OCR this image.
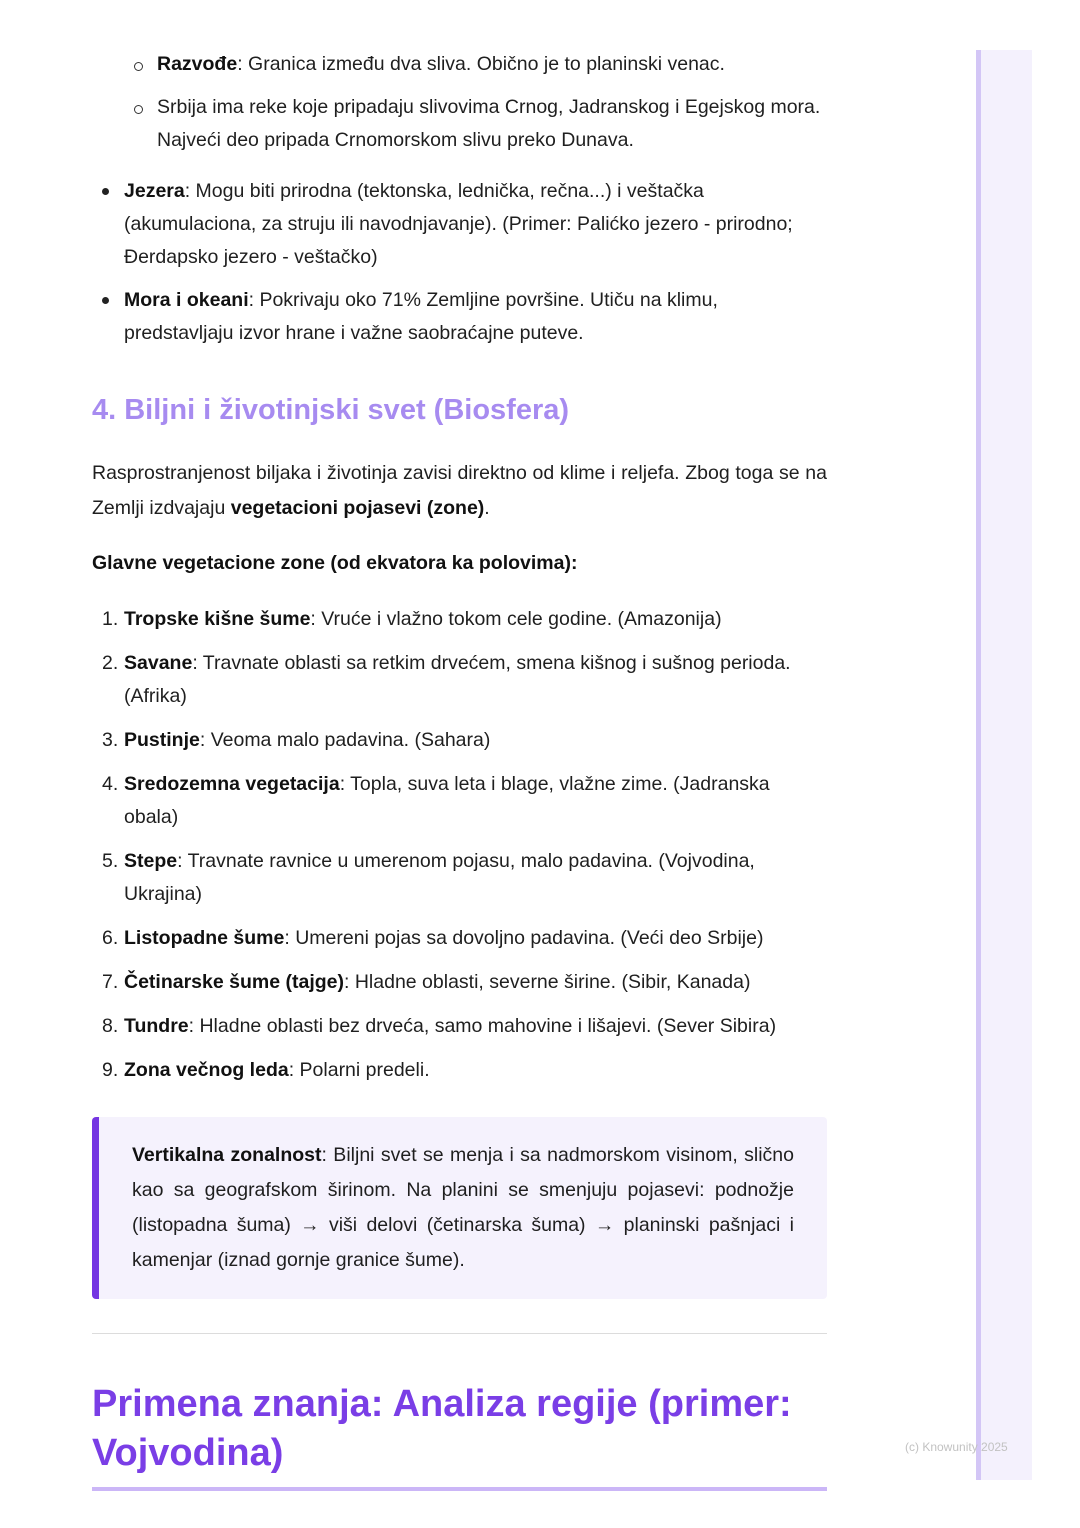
(c) Knowunity 2025
Razvođe: Granica između dva sliva. Obično je to planinski venac.
Srbija ima reke koje pripadaju slivovima Crnog, Jadranskog i Egejskog mora. Najveći deo pripada Crnomorskom slivu preko Dunava.
Jezera: Mogu biti prirodna (tektonska, lednička, rečna...) i veštačka (akumulaciona, za struju ili navodnjavanje). (Primer: Palićko jezero - prirodno; Đerdapsko jezero - veštačko)
Mora i okeani: Pokrivaju oko 71% Zemljine površine. Utiču na klimu, predstavljaju izvor hrane i važne saobraćajne puteve.
4. Biljni i životinjski svet (Biosfera)

Rasprostranjenost biljaka i životinja zavisi direktno od klime i reljefa. Zbog toga se na Zemlji izdvajaju vegetacioni pojasevi (zone).

Glavne vegetacione zone (od ekvatora ka polovima):

1. Tropske kišne šume: Vruće i vlažno tokom cele godine. (Amazonija)
2. Savane: Travnate oblasti sa retkim drvećem, smena kišnog i sušnog perioda. (Afrika)
3. Pustinje: Veoma malo padavina. (Sahara)
4. Sredozemna vegetacija: Topla, suva leta i blage, vlažne zime. (Jadranska obala)
5. Stepe: Travnate ravnice u umerenom pojasu, malo padavina. (Vojvodina, Ukrajina)
6. Listopadne šume: Umereni pojas sa dovoljno padavina. (Veći deo Srbije)
7. Četinarske šume (tajge): Hladne oblasti, severne širine. (Sibir, Kanada)
8. Tundre: Hladne oblasti bez drveća, samo mahovine i lišajevi. (Sever Sibira)
9. Zona večnog leda: Polarni predeli.
Vertikalna zonalnost: Biljni svet se menja i sa nadmorskom visinom, slično kao sa geografskom širinom. Na planini se smenjuju pojasevi: podnožje (listopadna šuma) → viši delovi (četinarska šuma) → planinski pašnjaci i kamenjar (iznad gornje granice šume).
Primena znanja: Analiza regije (primer: Vojvodina)
